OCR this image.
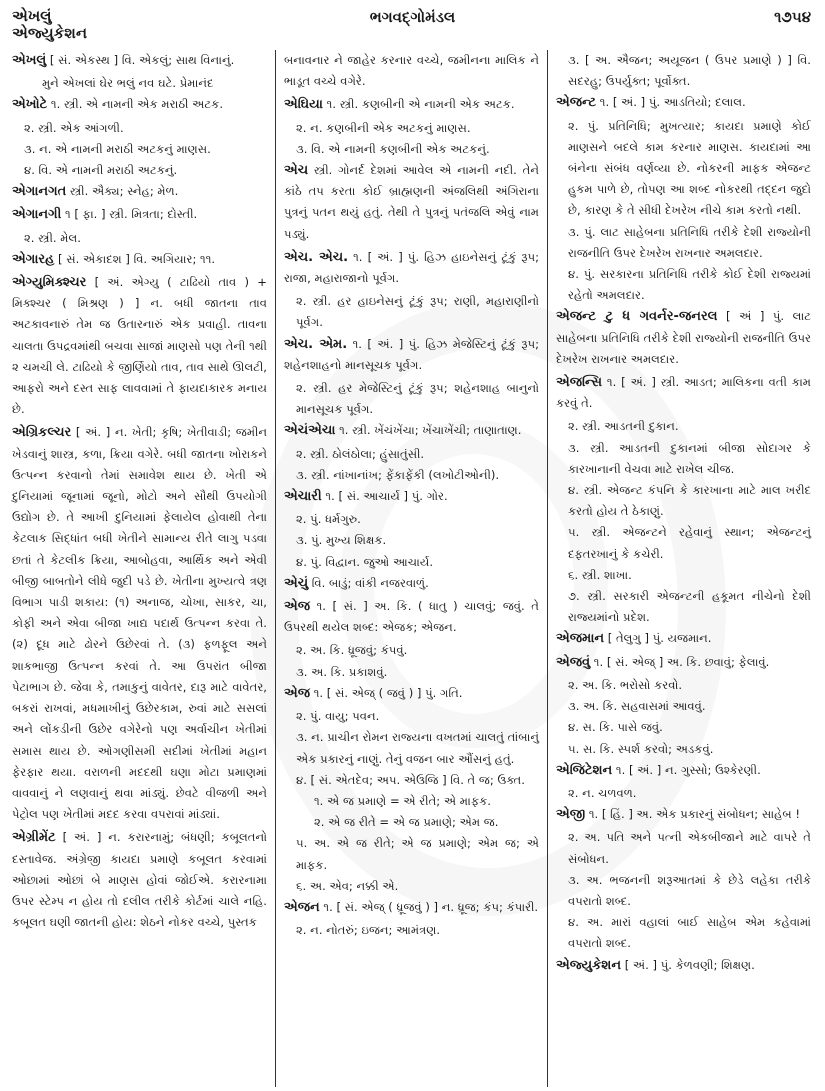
એખલું
એજ્યુકેશન
ભગવદ્ગોમંડલ	૧૭૫૪

એખલું [ સં. એકસ્થ ] વિ. એકલું; સાથ વિનાનું.

મુને એખલાં ઘેર ભલું નવ ઘટે. પ્રેમાનંદ

એખોટે ૧. સ્ત્રી. એ નામની એક મરાઠી અટક.

૨. સ્ત્રી. એક આંગળી.

૩. ન. એ નામની મરાઠી અટકનું માણસ.

૪. વિ. એ નામની મરાઠી અટકનું.

એગાનગત સ્ત્રી. ઐક્ય; સ્નેહ; મેળ.

એગાનગી ૧ [ ફા. ] સ્ત્રી. મિત્રતા; દોસ્તી.

૨. સ્ત્રી. મેલ.

એગારહ [ સં. એકાદશ ] વિ. અગિયાર; ૧૧.

એગ્યુમિક્શ્ચર [ અં. એગ્યુ ( ટાઢિયો તાવ ) + મિક્શ્ચર ( મિશ્રણ ) ] ન. બધી જાતના તાવ અટકાવનારું તેમ જ ઉતારનારું એક પ્રવાહી. તાવના ચાલતા ઉપદ્રવમાંથી બચવા સાજાં માણસો પણ તેની ૧થી ૨ ચમચી લે. ટાઢિયો કે જીર્ણિયો તાવ, તાવ સાથે ઊલટી, આફરો અને દસ્ત સાફ લાવવામાં તે ફાયદાકારક મનાય છે.

એગ્રિકલ્ચર [ અં. ] ન. ખેતી; કૃષિ; ખેતીવાડી; જમીન ખેડવાનું શાસ્ત્ર, કળા, ક્રિયા વગેરે. બધી જાતના ખોરાકને ઉત્પન્ન કરવાનો તેમાં સમાવેશ થાય છે. ખેતી એ દુનિયામાં જૂનામાં જૂનો, મોટો અને સૌથી ઉપયોગી ઉદ્યોગ છે. તે આખી દુનિયામાં ફેલાયેલ હોવાથી તેના કેટલાક સિદ્ધાંત બધી ખેતીને સામાન્ય રીતે લાગુ પડવા છતાં તે કેટલીક ક્રિયા, આબોહવા, આર્થિક અને એવી બીજી બાબતોને લીધે જુદી પડે છે. ખેતીના મુખ્યત્વે ત્રણ વિભાગ પાડી શકાય: (૧) અનાજ, ચોખા, સાકર, ચા, કોફી અને એવા બીજા ખાદ્ય પદાર્થ ઉત્પન્ન કરવા તે. (૨) દૂધ માટે ઢોરને ઉછેરવાં તે. (૩) ફળફૂલ અને શાકભાજી ઉત્પન્ન કરવાં તે. આ ઉપરાંત બીજા પેટાભાગ છે. જેવા કે, તમાકુનું વાવેતર, દારૂ માટે વાવેતર, બકરાં રાખવાં, મધમાખીનું ઉછેરકામ, રુવાં માટે સસલાં અને લોંકડીની ઉછેર વગેરેનો પણ અર્વાચીન ખેતીમાં સમાસ થાય છે. ઓગણીસમી સદીમાં ખેતીમાં મહાન ફેરફાર થયા. વરાળની મદદથી ઘણા મોટા પ્રમાણમાં વાવવાનું ને લણવાનું થવા માંડ્યું. છેવટે વીજળી અને પેટ્રોલ પણ ખેતીમાં મદદ કરવા વપરાવાં માંડ્યાં.

એગ્રીમેંટ [ અં. ] ન. કરારનામું; બંધણી; કબૂલતનો દસ્તાવેજ. અંગ્રેજી કાયદા પ્રમાણે કબૂલત કરવામાં ઓછામાં ઓછાં બે માણસ હોવાં જોઈએ. કરારનામા ઉપર સ્ટેમ્પ ન હોય તો દલીલ તરીકે કોર્ટમાં ચાલે નહિ. કબૂલત ઘણી જાતની હોય: શેઠને નોકર વચ્ચે, પુસ્તક

બનાવનાર ને જાહેર કરનાર વચ્ચે, જમીનના માલિક ને ભાડૂત વચ્ચે વગેરે.

એઘિયા ૧. સ્ત્રી. કણબીની એ નામની એક અટક.

૨. ન. કણબીની એક અટકનું માણસ.

૩. વિ. એ નામની કણબીની એક અટકનું.

એચ સ્ત્રી. ગોનર્દ દેશમાં આવેલ એ નામની નદી. તેને કાંઠે તપ કરતા કોઈ બ્રાહ્મણની અંજલિથી અંગિરાના પુત્રનું પતન થયું હતું. તેથી તે પુત્રનું પતંજલિ એવું નામ પડ્યું.

એચ. એચ. ૧. [ અં. ] પું. હિઝ હાઇનેસનું ટૂંકું રૂપ; રાજા, મહારાજાનો પૂર્વગ.

૨. સ્ત્રી. હર હાઇનેસનું ટૂંકું રૂપ; રાણી, મહારાણીનો પૂર્વગ.

એચ. એમ. ૧. [ અં. ] પું. હિઝ મેજેસ્ટિનું ટૂંકું રૂપ; શહેનશાહનો માનસૂચક પૂર્વગ.

૨. સ્ત્રી. હર મેજેસ્ટિનું ટૂંકું રૂપ; શહેનશાહ બાનુનો માનસૂચક પૂર્વગ.

એચંએચા ૧. સ્ત્રી. ખેંચંખેંચા; ખેંચાખેંચી; તાણાતાણ.

૨. સ્ત્રી. ઠોલંઠોલા; હુંસાતુંસી.

૩. સ્ત્રી. નાંખાનાંખ; ફેંકાફેંકી (લખોટીઓની).

એચારી ૧. [ સં. આચાર્ય ] પું. ગોર.

૨. પું. ધર્મગુરુ.

૩. પું. મુખ્ય શિક્ષક.

૪. પું. વિદ્વાન. જુઓ આચાર્ય.

એચું વિ. બાડું; વાંકી નજરવાળું.

એજ ૧. [ સં. ] અ. કિ. ( ધાતુ ) ચાલવું; જવું. તે ઉપરથી થયેલ શબ્દ: એજક; એજન.

૨. અ. કિ. ધ્રૂજવું; કંપવું.

૩. અ. કિ. પ્રકાશવું.

એજ ૧. [ સં. એજ્ ( જવું ) ] પું. ગતિ.

૨. પું. વાયુ; પવન.

૩. ન. પ્રાચીન રોમન રાજ્યના વખતમાં ચાલતું તાંબાનું એક પ્રકારનું નાણું. તેનું વજન બાર ઔંસનું હતું.

૪. [ સં. એતદેવ; અપ. એઉજિ ] વિ. તે જ; ઉક્ત.

૧. એ જ પ્રમાણે = એ રીતે; એ માફક.

૨. એ જ રીતે = એ જ પ્રમાણે; એમ જ.

૫. અ. એ જ રીતે; એ જ પ્રમાણે; એમ જ; એ માફક.

૬. અ. એવ; નક્કી એ.

એજન ૧. [ સં. એજ્ ( ધ્રૂજવું ) ] ન. ધ્રૂજ; કંપ; કંપારી.

૨. ન. નોતરું; ઇજન; આમંત્રણ.

૩. [ અ. ઐજન; અયૂજન ( ઉપર પ્રમાણે ) ] વિ. સદરહુ; ઉપર્યુક્ત; પૂર્વોક્ત.

એજન્ટ ૧. [ અં. ] પું. આડતિયો; દલાલ.

૨. પું. પ્રતિનિધિ; મુખત્યાર; કાયદા પ્રમાણે કોઈ માણસને બદલે કામ કરનાર માણસ. કાયદામાં આ બંનેના સંબંધ વર્ણવ્યા છે. નોકરની માફક એજન્ટ હુકમ પાળે છે, તોપણ આ શબ્દ નોકરથી તદ્દન જુદો છે, કારણ કે તે સીધી દેખરેખ નીચે કામ કરતો નથી.

૩. પું. લાટ સાહેબના પ્રતિનિધિ તરીકે દેશી રાજ્યોની રાજનીતિ ઉપર દેખરેખ રાખનાર અમલદાર.

૪. પું. સરકારના પ્રતિનિધિ તરીકે કોઈ દેશી રાજ્યમાં રહેતો અમલદાર.

એજન્ટ ટુ ધ ગવર્નર-જનરલ [ અં ] પું. લાટ સાહેબના પ્રતિનિધિ તરીકે દેશી રાજ્યોની રાજનીતિ ઉપર દેખરેખ રાખનાર અમલદાર.

એજન્સિ ૧. [ અં. ] સ્ત્રી. આડત; માલિકના વતી કામ કરવું તે.

૨. સ્ત્રી. આડતની દુકાન.

૩. સ્ત્રી. આડતની દુકાનમાં બીજા સોદાગર કે કારખાનાની વેચવા માટે રાખેલ ચીજ.

૪. સ્ત્રી. એજન્ટ કંપનિ કે કારખાના માટે માલ ખરીદ કરતો હોય તે ઠેકાણું.

૫. સ્ત્રી. એજન્ટને રહેવાનું સ્થાન; એજન્ટનું દફતરખાનું કે કચેરી.

૬. સ્ત્રી. શાખા.

૭. સ્ત્રી. સરકારી એજન્ટની હકૂમત નીચેનો દેશી રાજ્યમાંનો પ્રદેશ.

એજમાન [ તેલુગુ ] પું. યજમાન.

એજવું ૧. [ સં. એજ્ ] અ. કિ. છવાવું; ફેલાવું.

૨. અ. કિ. ભરોસો કરવો.

૩. અ. કિ. સહવાસમાં આવવું.

૪. સ. કિ. પાસે જવું.

૫. સ. કિ. સ્પર્શ કરવો; અડકવું.

એજિટેશન ૧. [ અં. ] ન. ગુસ્સો; ઉશ્કેરણી.

૨. ન. ચળવળ.

એજી ૧. [ હિં. ] અ. એક પ્રકારનું સંબોધન; સાહેબ !

૨. અ. પતિ અને પત્ની એકબીજાને માટે વાપરે તે સંબોધન.

૩. અ. ભજનની શરૂઆતમાં કે છેડે લહેકા તરીકે વપરાતો શબ્દ.

૪. અ. મારાં વહાલાં બાઈ સાહેબ એમ કહેવામાં વપરાતો શબ્દ.

એજ્યુકેશન [ અં. ] પું. કેળવણી; શિક્ષણ.
